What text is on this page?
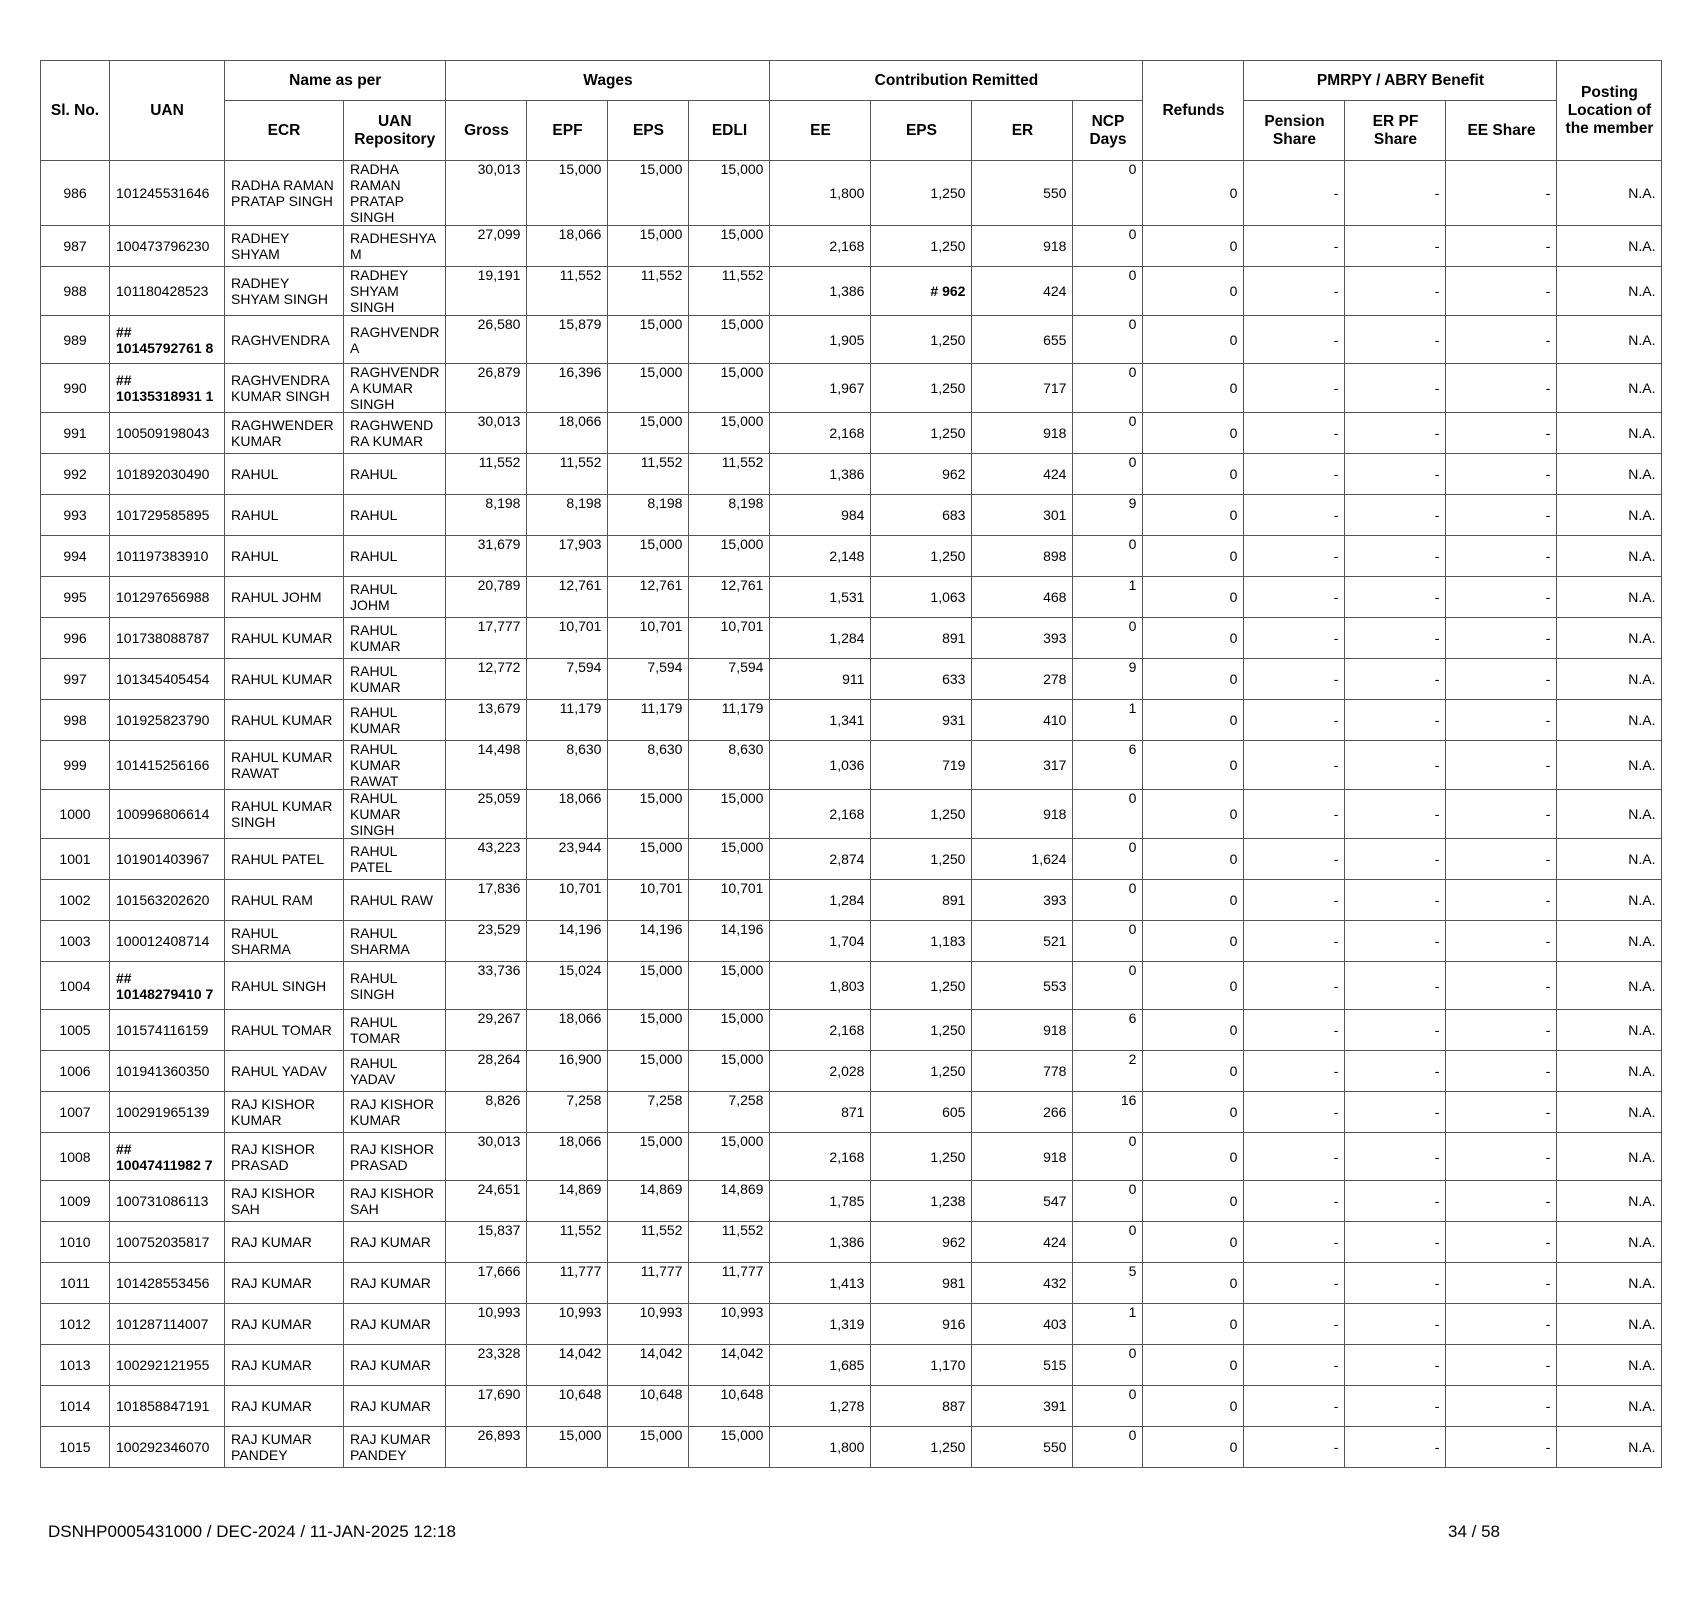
Sl. No.	UAN	Name as per		Wages				Contribution Remitted				Refunds	PMRPY / ABRY Benefit			Posting Location of the member
		ECR	UAN Repository	Gross	EPF	EPS	EDLI	EE	EPS	ER	NCP Days		Pension Share	ER PF Share	EE Share	
986	101245531646	RADHA RAMAN PRATAP SINGH	RADHA RAMAN PRATAP SINGH	30,013	15,000	15,000	15,000	1,800	1,250	550	0	0	-	-	-	N.A.
987	100473796230	RADHEY SHYAM	RADHESHYA M	27,099	18,066	15,000	15,000	2,168	1,250	918	0	0	-	-	-	N.A.
988	101180428523	RADHEY SHYAM SINGH	RADHEY SHYAM SINGH	19,191	11,552	11,552	11,552	1,386	# 962	424	0	0	-	-	-	N.A.
989	## 10145792761 8	RAGHVENDRA	RAGHVENDR A	26,580	15,879	15,000	15,000	1,905	1,250	655	0	0	-	-	-	N.A.
990	## 10135318931 1	RAGHVENDRA KUMAR SINGH	RAGHVENDR A KUMAR SINGH	26,879	16,396	15,000	15,000	1,967	1,250	717	0	0	-	-	-	N.A.
991	100509198043	RAGHWENDER KUMAR	RAGHWEND RA KUMAR	30,013	18,066	15,000	15,000	2,168	1,250	918	0	0	-	-	-	N.A.
992	101892030490	RAHUL	RAHUL	11,552	11,552	11,552	11,552	1,386	962	424	0	0	-	-	-	N.A.
993	101729585895	RAHUL	RAHUL	8,198	8,198	8,198	8,198	984	683	301	9	0	-	-	-	N.A.
994	101197383910	RAHUL	RAHUL	31,679	17,903	15,000	15,000	2,148	1,250	898	0	0	-	-	-	N.A.
995	101297656988	RAHUL JOHM	RAHUL JOHM	20,789	12,761	12,761	12,761	1,531	1,063	468	1	0	-	-	-	N.A.
996	101738088787	RAHUL KUMAR	RAHUL KUMAR	17,777	10,701	10,701	10,701	1,284	891	393	0	0	-	-	-	N.A.
997	101345405454	RAHUL KUMAR	RAHUL KUMAR	12,772	7,594	7,594	7,594	911	633	278	9	0	-	-	-	N.A.
998	101925823790	RAHUL KUMAR	RAHUL KUMAR	13,679	11,179	11,179	11,179	1,341	931	410	1	0	-	-	-	N.A.
999	101415256166	RAHUL KUMAR RAWAT	RAHUL KUMAR RAWAT	14,498	8,630	8,630	8,630	1,036	719	317	6	0	-	-	-	N.A.
1000	100996806614	RAHUL KUMAR SINGH	RAHUL KUMAR SINGH	25,059	18,066	15,000	15,000	2,168	1,250	918	0	0	-	-	-	N.A.
1001	101901403967	RAHUL PATEL	RAHUL PATEL	43,223	23,944	15,000	15,000	2,874	1,250	1,624	0	0	-	-	-	N.A.
1002	101563202620	RAHUL RAM	RAHUL RAW	17,836	10,701	10,701	10,701	1,284	891	393	0	0	-	-	-	N.A.
1003	100012408714	RAHUL SHARMA	RAHUL SHARMA	23,529	14,196	14,196	14,196	1,704	1,183	521	0	0	-	-	-	N.A.
1004	## 10148279410 7	RAHUL SINGH	RAHUL SINGH	33,736	15,024	15,000	15,000	1,803	1,250	553	0	0	-	-	-	N.A.
1005	101574116159	RAHUL TOMAR	RAHUL TOMAR	29,267	18,066	15,000	15,000	2,168	1,250	918	6	0	-	-	-	N.A.
1006	101941360350	RAHUL YADAV	RAHUL YADAV	28,264	16,900	15,000	15,000	2,028	1,250	778	2	0	-	-	-	N.A.
1007	100291965139	RAJ KISHOR KUMAR	RAJ KISHOR KUMAR	8,826	7,258	7,258	7,258	871	605	266	16	0	-	-	-	N.A.
1008	## 10047411982 7	RAJ KISHOR PRASAD	RAJ KISHOR PRASAD	30,013	18,066	15,000	15,000	2,168	1,250	918	0	0	-	-	-	N.A.
1009	100731086113	RAJ KISHOR SAH	RAJ KISHOR SAH	24,651	14,869	14,869	14,869	1,785	1,238	547	0	0	-	-	-	N.A.
1010	100752035817	RAJ KUMAR	RAJ KUMAR	15,837	11,552	11,552	11,552	1,386	962	424	0	0	-	-	-	N.A.
1011	101428553456	RAJ KUMAR	RAJ KUMAR	17,666	11,777	11,777	11,777	1,413	981	432	5	0	-	-	-	N.A.
1012	101287114007	RAJ KUMAR	RAJ KUMAR	10,993	10,993	10,993	10,993	1,319	916	403	1	0	-	-	-	N.A.
1013	100292121955	RAJ KUMAR	RAJ KUMAR	23,328	14,042	14,042	14,042	1,685	1,170	515	0	0	-	-	-	N.A.
1014	101858847191	RAJ KUMAR	RAJ KUMAR	17,690	10,648	10,648	10,648	1,278	887	391	0	0	-	-	-	N.A.
1015	100292346070	RAJ KUMAR PANDEY	RAJ KUMAR PANDEY	26,893	15,000	15,000	15,000	1,800	1,250	550	0	0	-	-	-	N.A.
DSNHP0005431000 / DEC-2024 / 11-JAN-2025 12:18	34 / 58
